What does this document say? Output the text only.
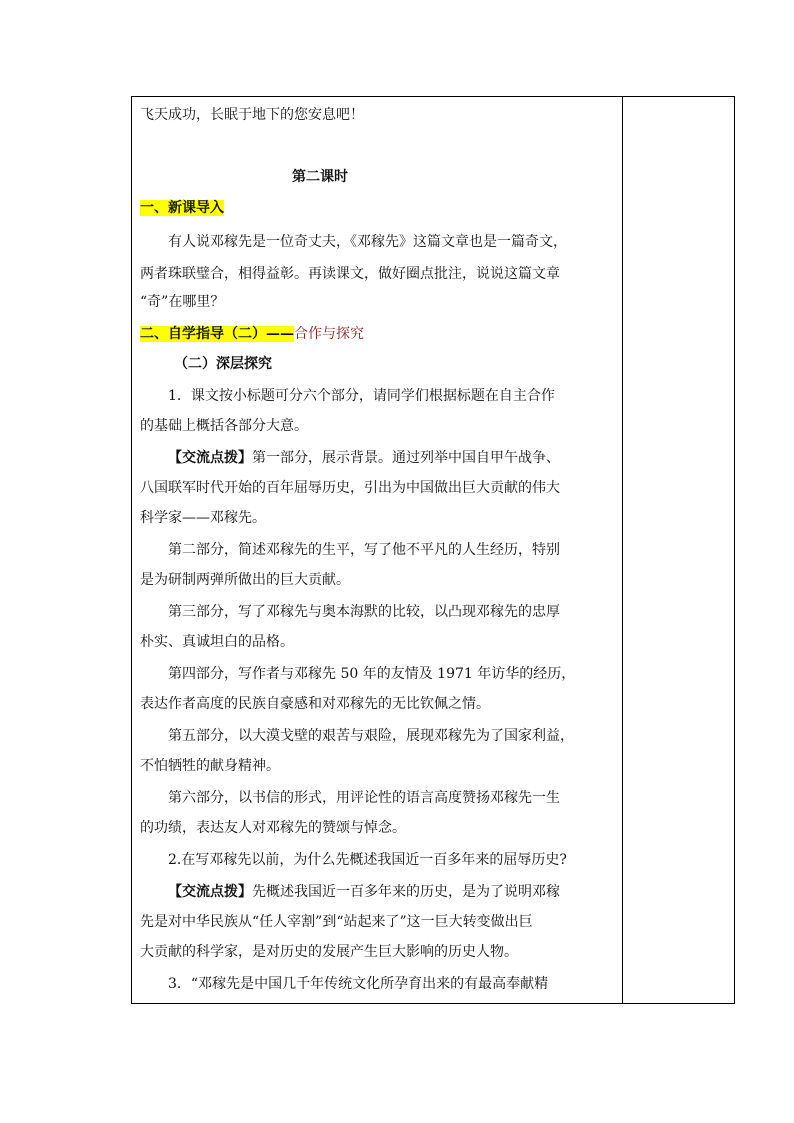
飞天成功，长眠于地下的您安息吧！
第二课时
一、新课导入
有人说邓稼先是一位奇丈夫，《邓稼先》这篇文章也是一篇奇文，
两者珠联璧合，相得益彰。再读课文，做好圈点批注，说说这篇文章
“奇”在哪里？
二、自学指导（二）——合作与探究
（二）深层探究
1．课文按小标题可分六个部分，请同学们根据标题在自主合作
的基础上概括各部分大意。
【交流点拨】第一部分，展示背景。通过列举中国自甲午战争、
八国联军时代开始的百年屈辱历史，引出为中国做出巨大贡献的伟大
科学家——邓稼先。
第二部分，简述邓稼先的生平，写了他不平凡的人生经历，特别
是为研制两弹所做出的巨大贡献。
第三部分，写了邓稼先与奥本海默的比较，以凸现邓稼先的忠厚
朴实、真诚坦白的品格。
第四部分，写作者与邓稼先 50 年的友情及 1971 年访华的经历，
表达作者高度的民族自豪感和对邓稼先的无比钦佩之情。
第五部分，以大漠戈壁的艰苦与艰险，展现邓稼先为了国家利益，
不怕牺牲的献身精神。
第六部分，以书信的形式，用评论性的语言高度赞扬邓稼先一生
的功绩，表达友人对邓稼先的赞颂与悼念。
2.在写邓稼先以前，为什么先概述我国近一百多年来的屈辱历史?
【交流点拨】先概述我国近一百多年来的历史，是为了说明邓稼
先是对中华民族从“任人宰割”到“站起来了”这一巨大转变做出巨
大贡献的科学家，是对历史的发展产生巨大影响的历史人物。
3．“邓稼先是中国几千年传统文化所孕育出来的有最高奉献精
